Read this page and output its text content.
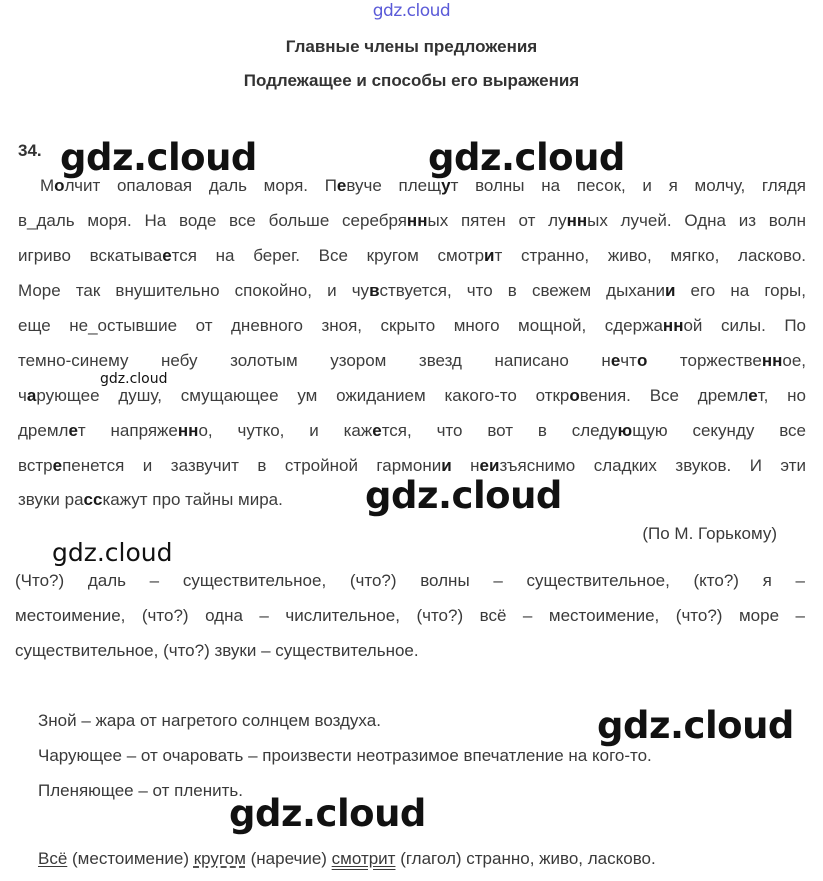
gdz.cloud
Главные члены предложения
Подлежащее и способы его выражения
34.
Молчит опаловая даль моря. Певуче плещут волны на песок, и я молчу, глядя
в_даль моря. На воде все больше серебрянных пятен от лунных лучей. Одна из волн
игриво вскатывается на берег. Все кругом смотрит странно, живо, мягко, ласково.
Море так внушительно спокойно, и чувствуется, что в свежем дыхании его на горы,
еще не_остывшие от дневного зноя, скрыто много мощной, сдержанной силы. По
темно-синему небу золотым узором звезд написано нечто торжественное,
чарующее душу, смущающее ум ожиданием какого-то откровения. Все дремлет, но
дремлет напряженно, чутко, и кажется, что вот в следующую секунду все
встрепенется и зазвучит в стройной гармонии неизъяснимо сладких звуков. И эти
звуки расскажут про тайны мира.
(По М. Горькому)
(Что?) даль – существительное, (что?) волны – существительное, (кто?) я –
местоимение, (что?) одна – числительное, (что?) всё – местоимение, (что?) море –
существительное, (что?) звуки – существительное.
Зной – жара от нагретого солнцем воздуха.
Чарующее – от очаровать – произвести неотразимое впечатление на кого-то.
Пленяющее – от пленить.
Всё (местоимение) кругом (наречие) смотрит (глагол) странно, живо, ласково.
gdz.cloud	gdz.cloud
gdz.cloud
gdz.cloud
gdz.cloud
gdz.cloud
gdz.cloud
